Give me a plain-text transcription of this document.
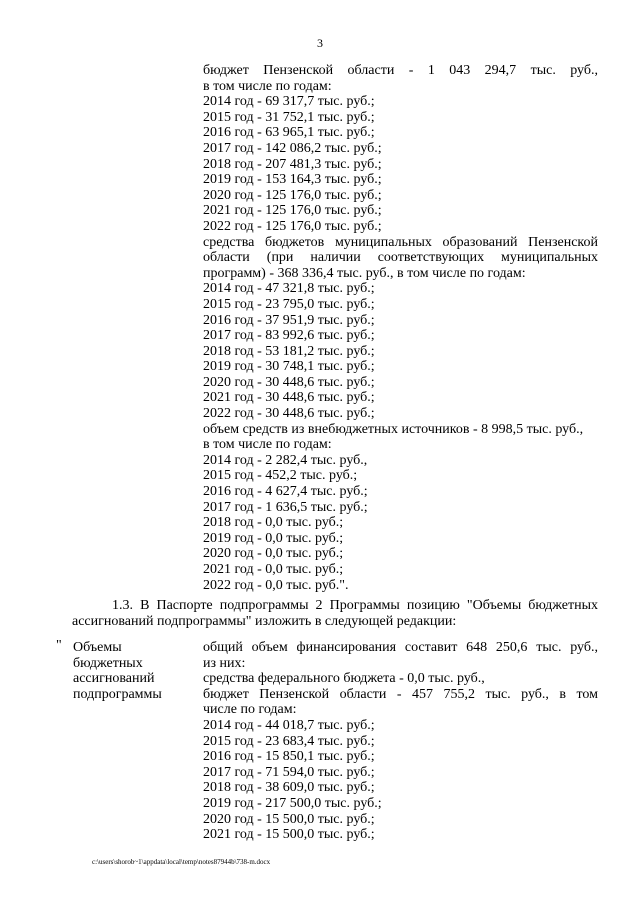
3
бюджет Пензенской области - 1 043 294,7 тыс. руб.,
в том числе по годам:
2014 год - 69 317,7 тыс. руб.;
2015 год - 31 752,1 тыс. руб.;
2016 год - 63 965,1 тыс. руб.;
2017 год - 142 086,2 тыс. руб.;
2018 год - 207 481,3 тыс. руб.;
2019 год - 153 164,3 тыс. руб.;
2020 год - 125 176,0 тыс. руб.;
2021 год - 125 176,0 тыс. руб.;
2022 год - 125 176,0 тыс. руб.;
средства бюджетов муниципальных образований Пензенской
области (при наличии соответствующих муниципальных
программ) - 368 336,4 тыс. руб., в том числе по годам:
2014 год - 47 321,8 тыс. руб.;
2015 год - 23 795,0 тыс. руб.;
2016 год - 37 951,9 тыс. руб.;
2017 год - 83 992,6 тыс. руб.;
2018 год - 53 181,2 тыс. руб.;
2019 год - 30 748,1 тыс. руб.;
2020 год - 30 448,6 тыс. руб.;
2021 год - 30 448,6 тыс. руб.;
2022 год - 30 448,6 тыс. руб.;
объем средств из внебюджетных источников - 8 998,5 тыс. руб.,
в том числе по годам:
2014 год - 2 282,4 тыс. руб.,
2015 год - 452,2 тыс. руб.;
2016 год - 4 627,4 тыс. руб.;
2017 год - 1 636,5 тыс. руб.;
2018 год - 0,0 тыс. руб.;
2019 год - 0,0 тыс. руб.;
2020 год - 0,0 тыс. руб.;
2021 год - 0,0 тыс. руб.;
2022 год - 0,0 тыс. руб.".
1.3. В Паспорте подпрограммы 2 Программы позицию "Объемы бюджетных
ассигнований подпрограммы" изложить в следующей редакции:
" Объемы
бюджетных
ассигнований
подпрограммы
общий объем финансирования составит 648 250,6 тыс. руб.,
из них:
средства федерального бюджета - 0,0 тыс. руб.,
бюджет Пензенской области - 457 755,2 тыс. руб., в том
числе по годам:
2014 год - 44 018,7 тыс. руб.;
2015 год - 23 683,4 тыс. руб.;
2016 год - 15 850,1 тыс. руб.;
2017 год - 71 594,0 тыс. руб.;
2018 год - 38 609,0 тыс. руб.;
2019 год - 217 500,0 тыс. руб.;
2020 год - 15 500,0 тыс. руб.;
2021 год - 15 500,0 тыс. руб.;
c:\users\shorob~1\appdata\local\temp\notes87944b\738-m.docx
